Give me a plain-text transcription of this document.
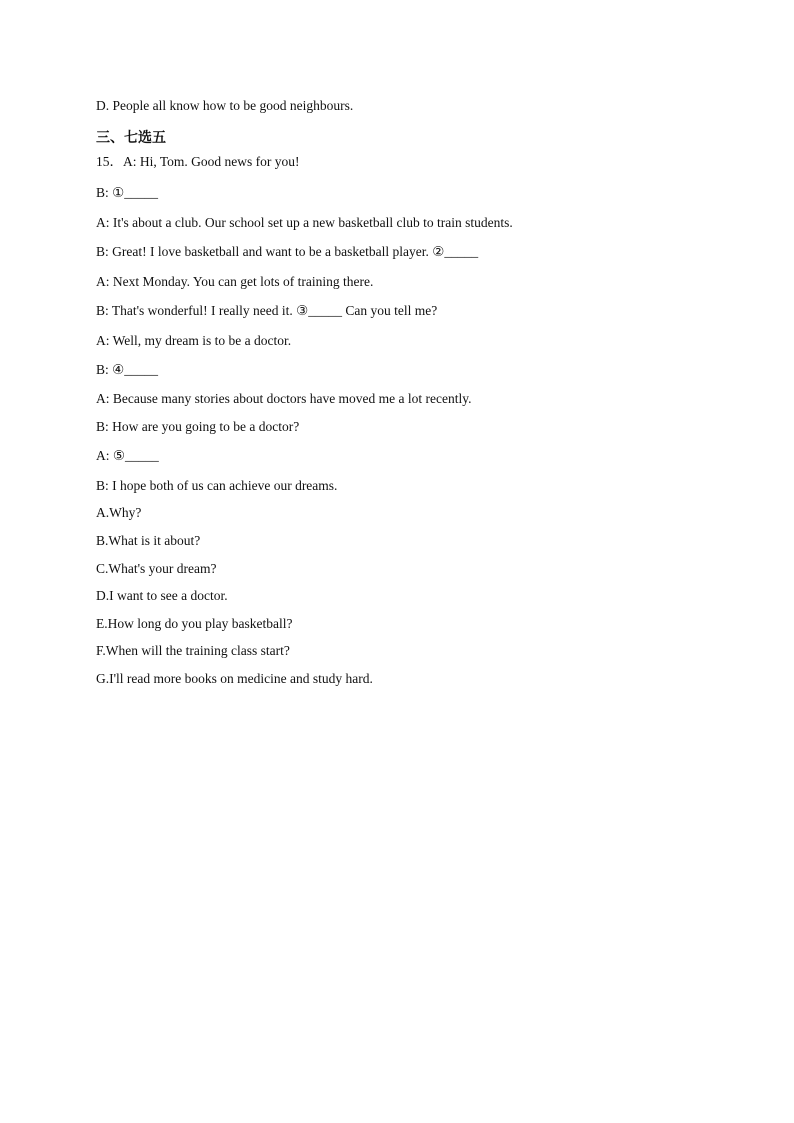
D. People all know how to be good neighbours.
三、七选五
15．A: Hi, Tom. Good news for you!
B: ①_____
A: It's about a club. Our school set up a new basketball club to train students.
B: Great! I love basketball and want to be a basketball player. ②_____
A: Next Monday. You can get lots of training there.
B: That's wonderful! I really need it. ③_____ Can you tell me?
A: Well, my dream is to be a doctor.
B: ④_____
A: Because many stories about doctors have moved me a lot recently.
B: How are you going to be a doctor?
A: ⑤_____
B: I hope both of us can achieve our dreams.
A.Why?
B.What is it about?
C.What's your dream?
D.I want to see a doctor.
E.How long do you play basketball?
F.When will the training class start?
G.I'll read more books on medicine and study hard.
